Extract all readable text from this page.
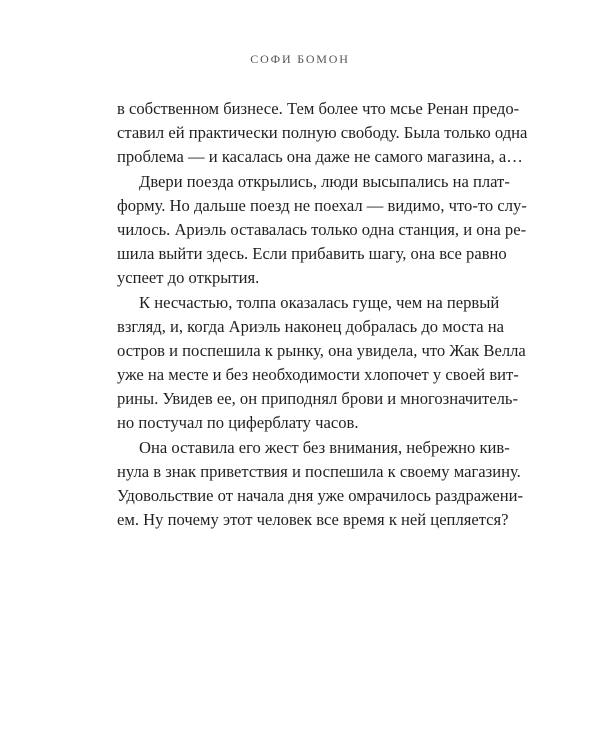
СОФИ БОМОН
в собственном бизнесе. Тем более что мсье Ренан предо-
ставил ей практически полную свободу. Была только одна
проблема — и касалась она даже не самого магазина, а…
Двери поезда открылись, люди высыпались на плат-
форму. Но дальше поезд не поехал — видимо, что-то слу-
чилось. Ариэль оставалась только одна станция, и она ре-
шила выйти здесь. Если прибавить шагу, она все равно
успеет до открытия.
К несчастью, толпа оказалась гуще, чем на первый
взгляд, и, когда Ариэль наконец добралась до моста на
остров и поспешила к рынку, она увидела, что Жак Велла
уже на месте и без необходимости хлопочет у своей вит-
рины. Увидев ее, он приподнял брови и многозначитель-
но постучал по циферблату часов.
Она оставила его жест без внимания, небрежно кив-
нула в знак приветствия и поспешила к своему магазину.
Удовольствие от начала дня уже омрачилось раздражени-
ем. Ну почему этот человек все время к ней цепляется?
